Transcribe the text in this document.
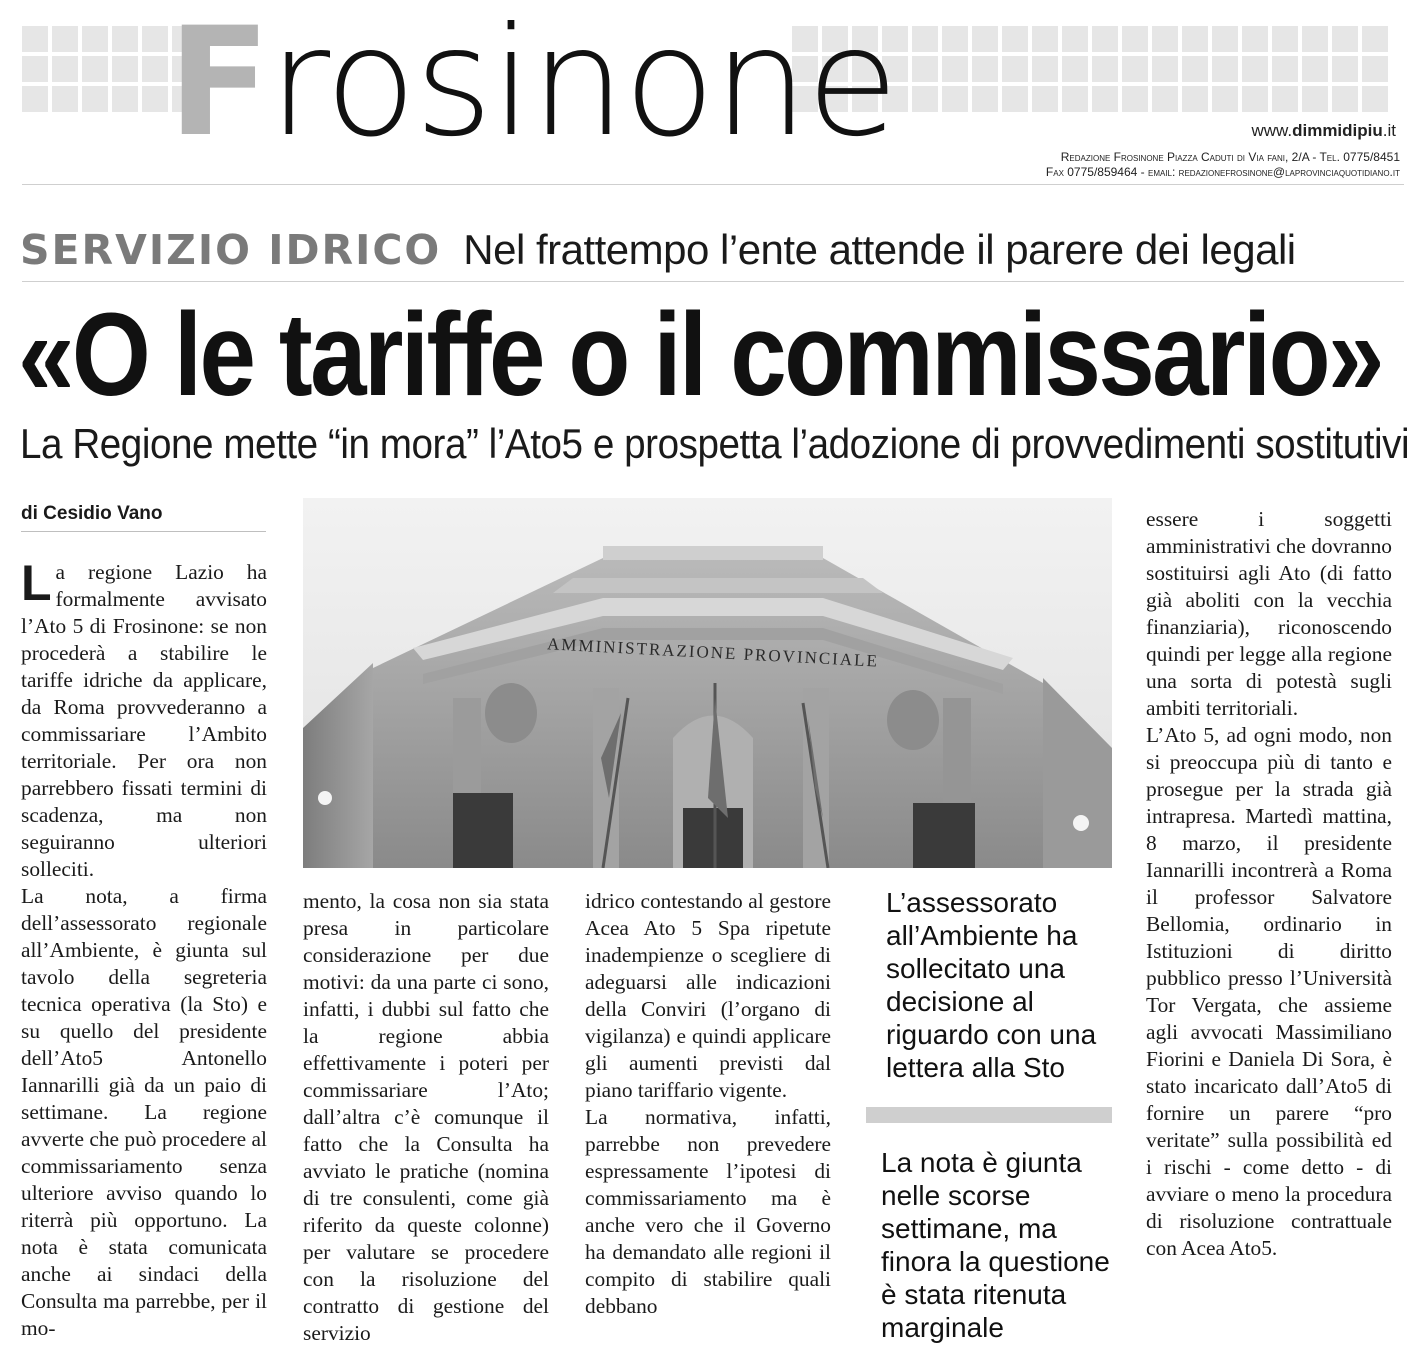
Frosinone	www.dimmidipiu.it
Redazione Frosinone Piazza Caduti di Via fani, 2/A - Tel. 0775/8451
Fax 0775/859464 - email: redazionefrosinone@laprovinciaquotidiano.it
SERVIZIO IDRICO Nel frattempo l’ente attende il parere dei legali
«O le tariffe o il commissario»
La Regione mette “in mora” l’Ato5 e prospetta l’adozione di provvedimenti sostitutivi
di Cesidio Vano

La regione Lazio ha formalmente avvisato l’Ato 5 di Frosinone: se non procederà a stabilire le tariffe idriche da applicare, da Roma provvederanno a commissariare l’Ambito territoriale. Per ora non parrebbero fissati termini di scadenza, ma non seguiranno ulteriori solleciti.

La nota, a firma dell’assessorato regionale all’Ambiente, è giunta sul tavolo della segreteria tecnica operativa (la Sto) e su quello del presidente dell’Ato5 Antonello Iannarilli già da un paio di settimane. La regione avverte che può procedere al commissariamento senza ulteriore avviso quando lo riterrà più opportuno. La nota è stata comunicata anche ai sindaci della Consulta ma parrebbe, per il mo-

AMMINISTRAZIONE PROVINCIALE

mento, la cosa non sia stata presa in particolare considerazione per due motivi: da una parte ci sono, infatti, i dubbi sul fatto che la regione abbia effettivamente i poteri per commissariare l’Ato; dall’altra c’è comunque il fatto che la Consulta ha avviato le pratiche (nomina di tre consulenti, come già riferito da queste colonne) per valutare se procedere con la risoluzione del contratto di gestione del servizio

idrico contestando al gestore Acea Ato 5 Spa ripetute inadempienze o scegliere di adeguarsi alle indicazioni della Conviri (l’organo di vigilanza) e quindi applicare gli aumenti previsti dal piano tariffario vigente.

La normativa, infatti, parrebbe non prevedere espressamente l’ipotesi di commissariamento ma è anche vero che il Governo ha demandato alle regioni il compito di stabilire quali debbano

L’assessorato all’Ambiente ha sollecitato una decisione al riguardo con una lettera alla Sto
La nota è giunta nelle scorse settimane, ma finora la questione è stata ritenuta marginale

essere i soggetti amministrativi che dovranno sostituirsi agli Ato (di fatto già aboliti con la vecchia finanziaria), riconoscendo quindi per legge alla regione una sorta di potestà sugli ambiti territoriali.

L’Ato 5, ad ogni modo, non si preoccupa più di tanto e prosegue per la strada già intrapresa. Martedì mattina, 8 marzo, il presidente Iannarilli incontrerà a Roma il professor Salvatore Bellomia, ordinario in Istituzioni di diritto pubblico presso l’Università Tor Vergata, che assieme agli avvocati Massimiliano Fiorini e Daniela Di Sora, è stato incaricato dall’Ato5 di fornire un parere “pro veritate” sulla possibilità ed i rischi - come detto - di avviare o meno la procedura di risoluzione contrattuale con Acea Ato5.
